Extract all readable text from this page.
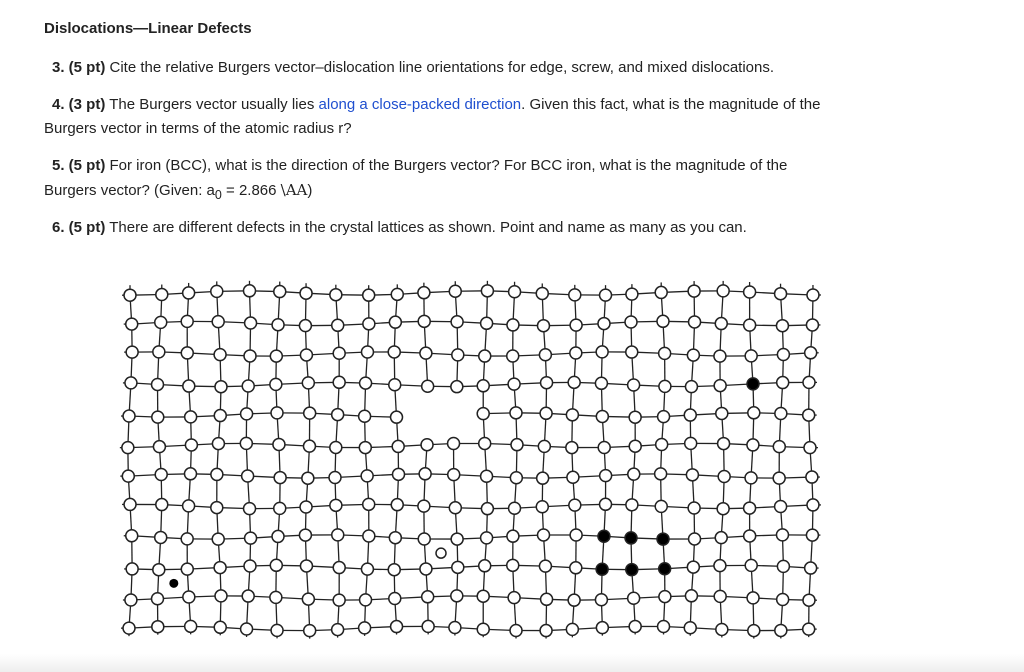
Dislocations—Linear Defects

3. (5 pt) Cite the relative Burgers vector–dislocation line orientations for edge, screw, and mixed dislocations.

4. (3 pt) The Burgers vector usually lies along a close-packed direction. Given this fact, what is the magnitude of the
Burgers vector in terms of the atomic radius r?

5. (5 pt) For iron (BCC), what is the direction of the Burgers vector? For BCC iron, what is the magnitude of the
Burgers vector? (Given: $a_0 = 2.866$ \AA)

6. (5 pt) There are different defects in the crystal lattices as shown. Point and name as many as you can.
